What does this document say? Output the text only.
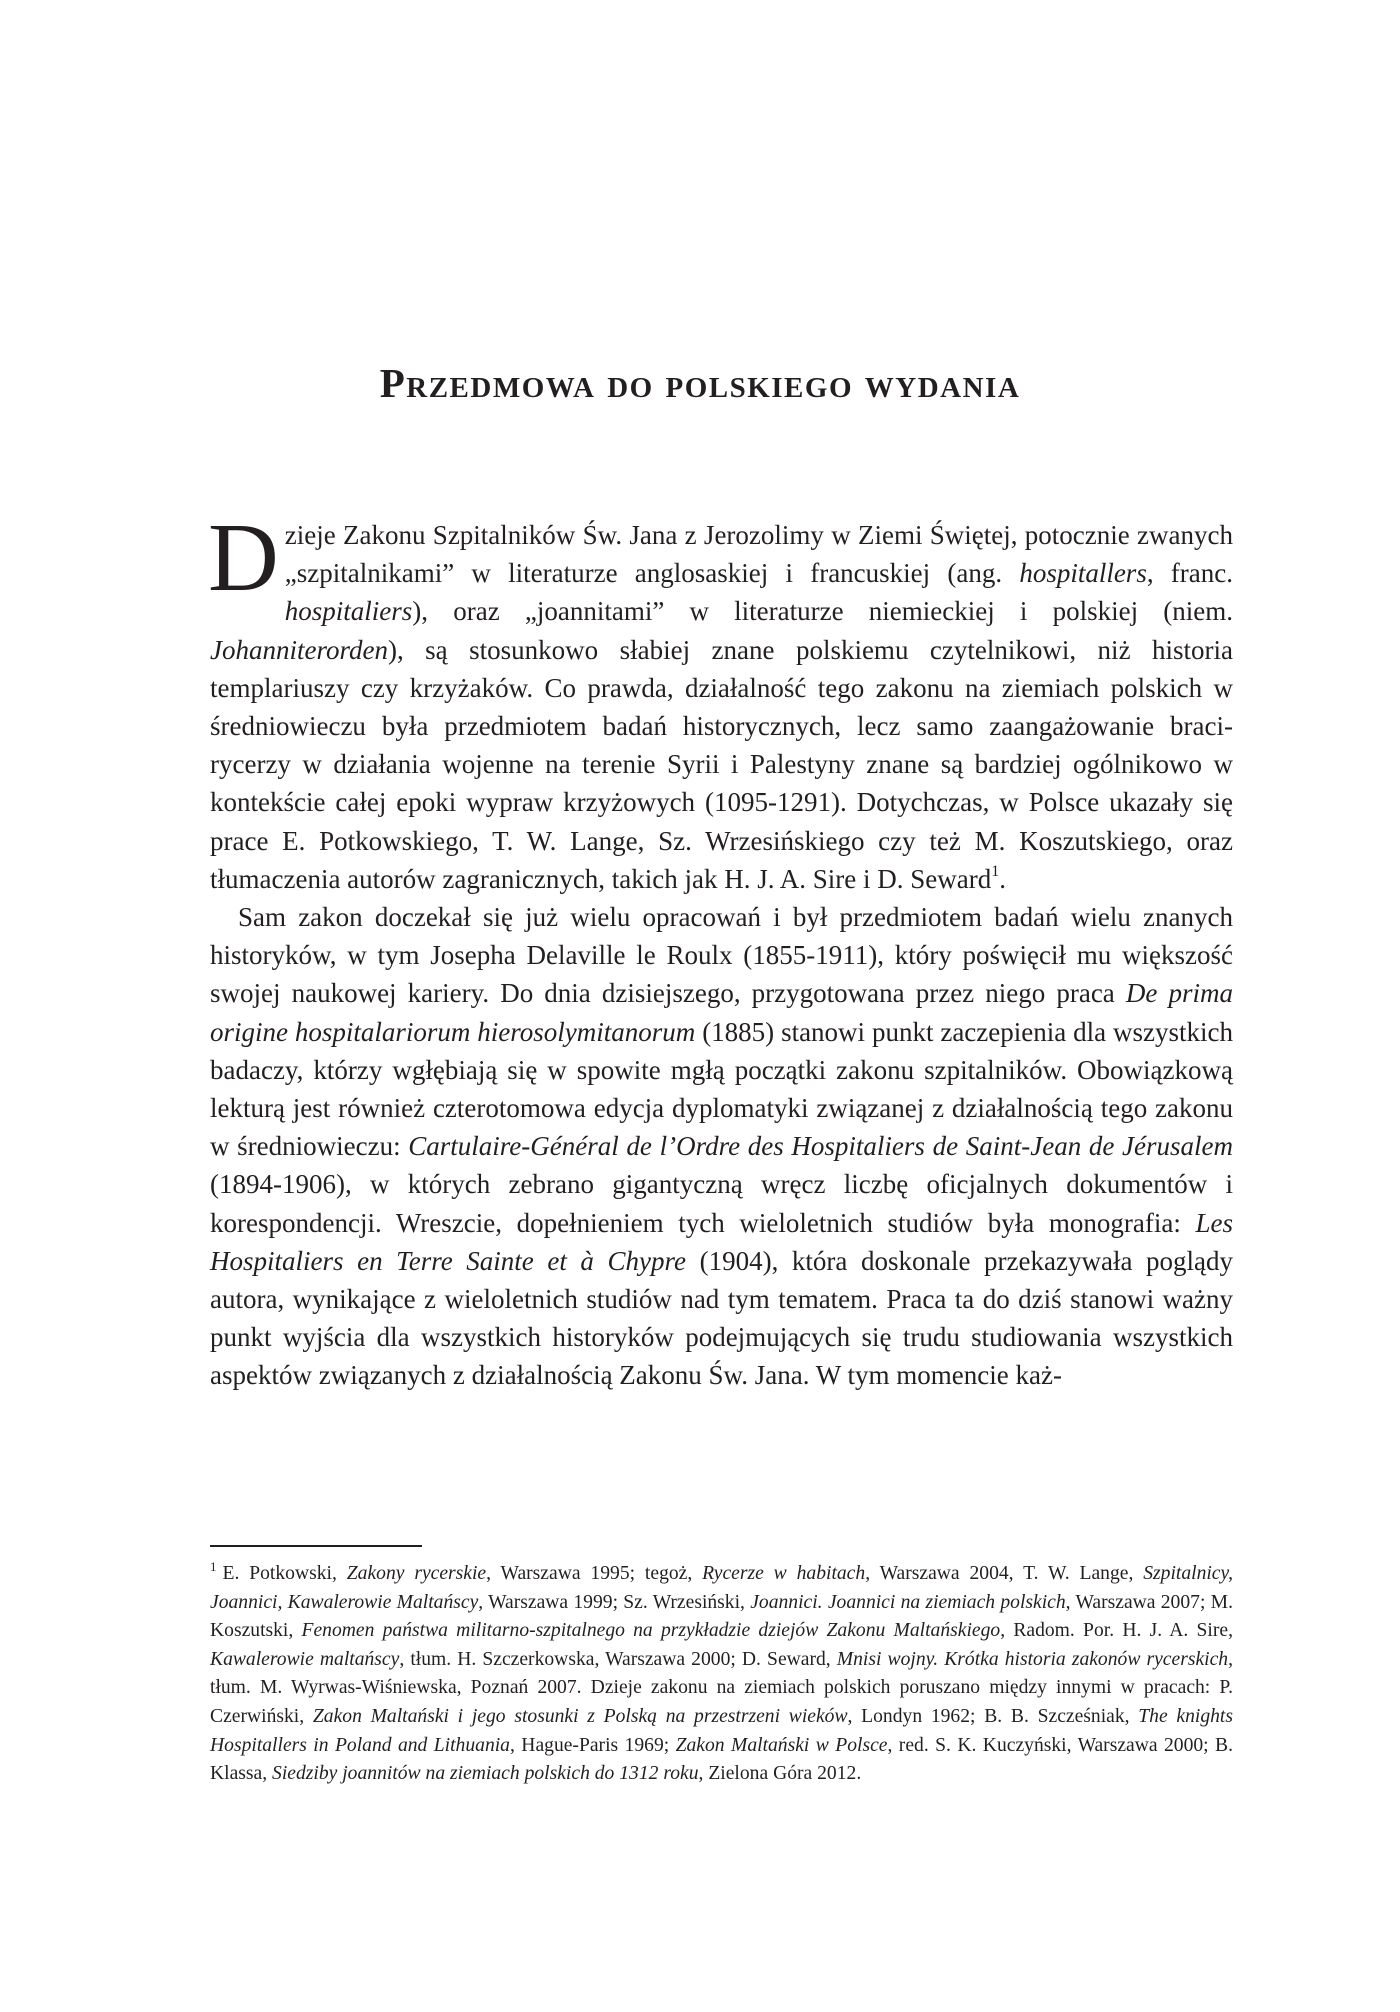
Przedmowa do polskiego wydania

Dzieje Zakonu Szpitalników Św. Jana z Jerozolimy w Ziemi Świętej, potocznie zwanych „szpitalnikami” w literaturze anglosaskiej i francuskiej (ang. hospitallers, franc. hospitaliers), oraz „joannitami” w literaturze niemieckiej i polskiej (niem. Johanniterorden), są stosunkowo słabiej znane polskiemu czytelnikowi, niż historia templariuszy czy krzyżaków. Co prawda, działalność tego zakonu na ziemiach polskich w średniowieczu była przedmiotem badań historycznych, lecz samo zaangażowanie braci-rycerzy w działania wojenne na terenie Syrii i Palestyny znane są bardziej ogólnikowo w kontekście całej epoki wypraw krzyżowych (1095-1291). Dotychczas, w Polsce ukazały się prace E. Potkowskiego, T. W. Lange, Sz. Wrzesińskiego czy też M. Koszutskiego, oraz tłumaczenia autorów zagranicznych, takich jak H. J. A. Sire i D. Seward$^1$.

Sam zakon doczekał się już wielu opracowań i był przedmiotem badań wielu znanych historyków, w tym Josepha Delaville le Roulx (1855-1911), który poświęcił mu większość swojej naukowej kariery. Do dnia dzisiejszego, przygotowana przez niego praca De prima origine hospitalariorum hierosolymitanorum (1885) stanowi punkt zaczepienia dla wszystkich badaczy, którzy wgłębiają się w spowite mgłą początki zakonu szpitalników. Obowiązkową lekturą jest również czterotomowa edycja dyplomatyki związanej z działalnością tego zakonu w średniowieczu: Cartulaire-Général de l’Ordre des Hospitaliers de Saint-Jean de Jérusalem (1894-1906), w których zebrano gigantyczną wręcz liczbę oficjalnych dokumentów i korespondencji. Wreszcie, dopełnieniem tych wieloletnich studiów była monografia: Les Hospitaliers en Terre Sainte et à Chypre (1904), która doskonale przekazywała poglądy autora, wynikające z wieloletnich studiów nad tym tematem. Praca ta do dziś stanowi ważny punkt wyjścia dla wszystkich historyków podejmujących się trudu studiowania wszystkich aspektów związanych z działalnością Zakonu Św. Jana. W tym momencie każ-

$^1$ E. Potkowski, Zakony rycerskie, Warszawa 1995; tegoż, Rycerze w habitach, Warszawa 2004, T. W. Lange, Szpitalnicy, Joannici, Kawalerowie Maltańscy, Warszawa 1999; Sz. Wrzesiński, Joannici. Joannici na ziemiach polskich, Warszawa 2007; M. Koszutski, Fenomen państwa militarno-szpitalnego na przykładzie dziejów Zakonu Maltańskiego, Radom. Por. H. J. A. Sire, Kawalerowie maltańscy, tłum. H. Szczerkowska, Warszawa 2000; D. Seward, Mnisi wojny. Krótka historia zakonów rycerskich, tłum. M. Wyrwas-Wiśniewska, Poznań 2007. Dzieje zakonu na ziemiach polskich poruszano między innymi w pracach: P. Czerwiński, Zakon Maltański i jego stosunki z Polską na przestrzeni wieków, Londyn 1962; B. B. Szcześniak, The knights Hospitallers in Poland and Lithuania, Hague-Paris 1969; Zakon Maltański w Polsce, red. S. K. Kuczyński, Warszawa 2000; B. Klassa, Siedziby joannitów na ziemiach polskich do 1312 roku, Zielona Góra 2012.
